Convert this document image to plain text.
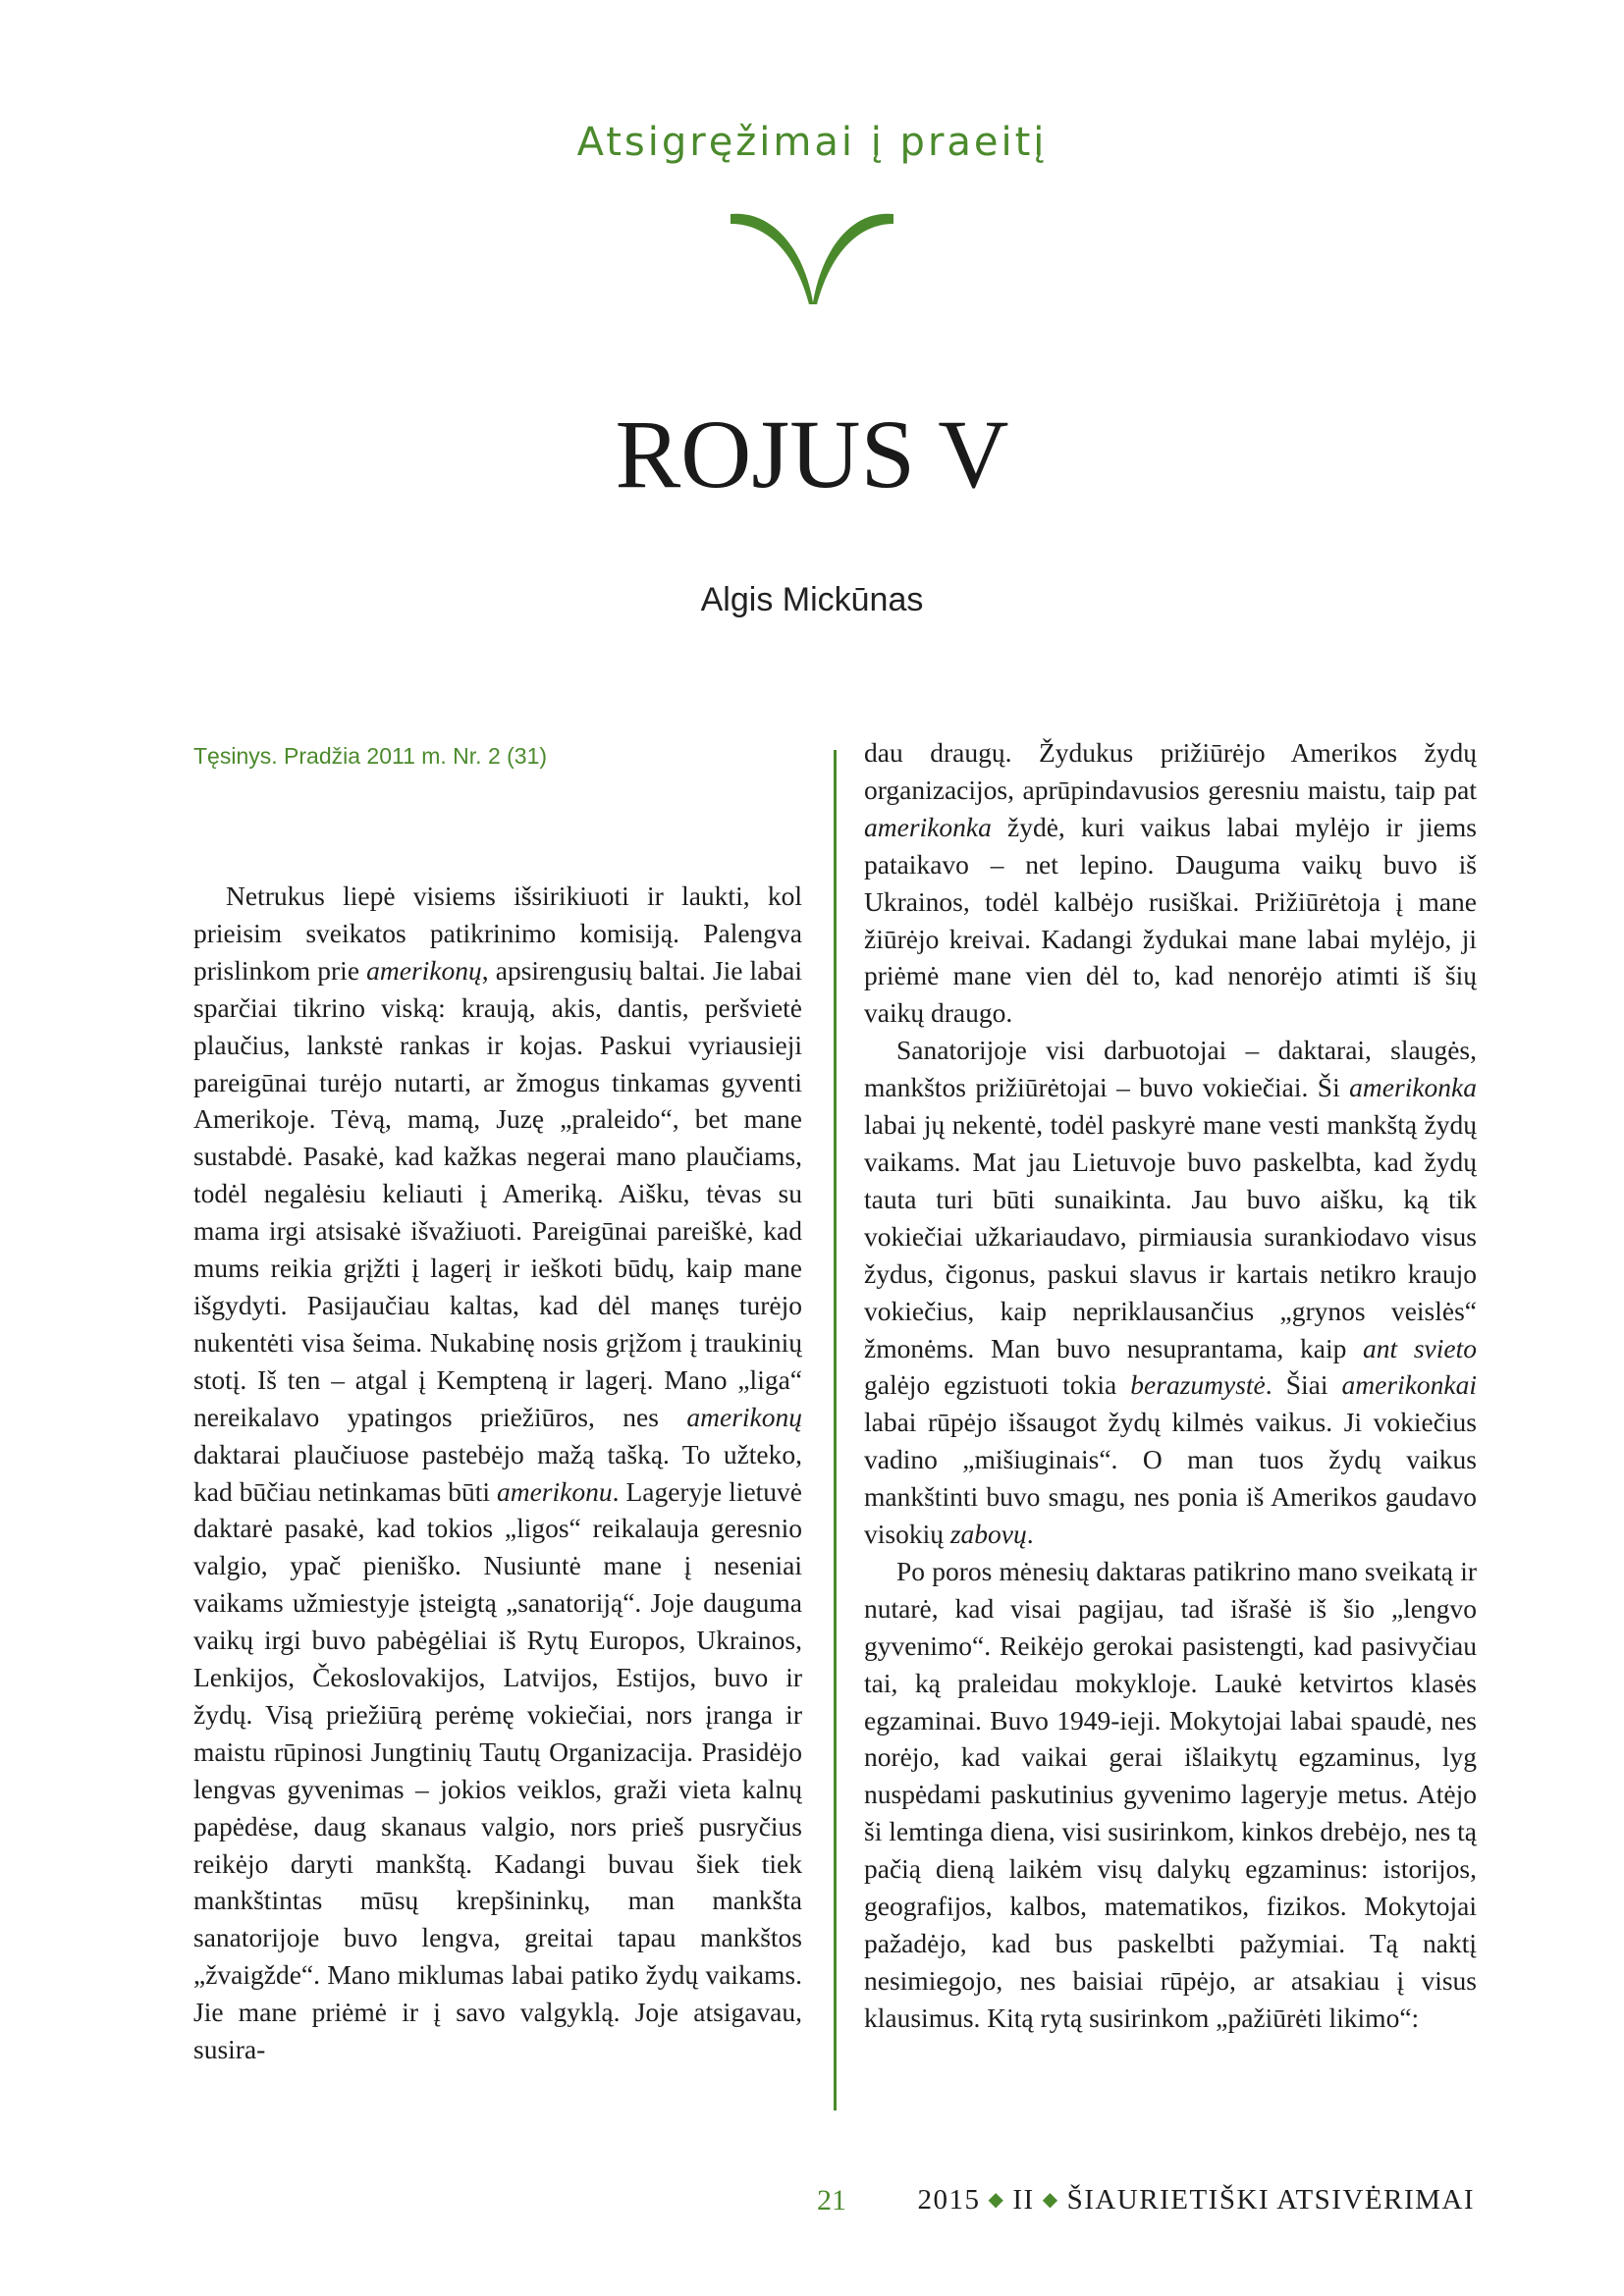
Atsigręžimai į praeitį
ROJUS V
Algis Mickūnas
Tęsinys. Pradžia 2011 m. Nr. 2 (31)

Netrukus liepė visiems išsirikiuoti ir laukti, kol prieisim sveikatos patikrinimo komisiją. Palengva prislinkom prie amerikonų, apsirengusių baltai. Jie labai sparčiai tikrino viską: kraują, akis, dantis, peršvietė plaučius, lankstė rankas ir kojas. Paskui vyriausieji pareigūnai turėjo nutarti, ar žmogus tinkamas gyventi Amerikoje. Tėvą, mamą, Juzę „praleido“, bet mane sustabdė. Pasakė, kad kažkas negerai mano plaučiams, todėl negalėsiu keliauti į Ameriką. Aišku, tėvas su mama irgi atsisakė išvažiuoti. Pareigūnai pareiškė, kad mums reikia grįžti į lagerį ir ieškoti būdų, kaip mane išgydyti. Pasijaučiau kaltas, kad dėl manęs turėjo nukentėti visa šeima. Nukabinę nosis grįžom į traukinių stotį. Iš ten – atgal į Kemptеną ir lagerį. Mano „liga“ nereikalavo ypatingos priežiūros, nes amerikonų daktarai plaučiuose pastebėjo mažą tašką. To užteko, kad būčiau netinkamas būti amerikonu. Lageryje lietuvė daktarė pasakė, kad tokios „ligos“ reikalauja geresnio valgio, ypač pieniško. Nusiuntė mane į neseniai vaikams užmiestyje įsteigtą „sanatoriją“. Joje dauguma vaikų irgi buvo pabėgėliai iš Rytų Europos, Ukrainos, Lenkijos, Čekoslovakijos, Latvijos, Estijos, buvo ir žydų. Visą priežiūrą perėmę vokiečiai, nors įranga ir maistu rūpinosi Jungtinių Tautų Organizacija. Prasidėjo lengvas gyvenimas – jokios veiklos, graži vieta kalnų papėdėse, daug skanaus valgio, nors prieš pusryčius reikėjo daryti mankštą. Kadangi buvau šiek tiek mankštintas mūsų krepšininkų, man mankšta sanatorijoje buvo lengva, greitai tapau mankštos „žvaigžde“. Mano miklumas labai patiko žydų vaikams. Jie mane priėmė ir į savo valgyklą. Joje atsigavau, susira-

dau draugų. Žydukus prižiūrėjo Amerikos žydų organizacijos, aprūpindavusios geresniu maistu, taip pat amerikonka žydė, kuri vaikus labai mylėjo ir jiems pataikavo – net lepino. Dauguma vaikų buvo iš Ukrainos, todėl kalbėjo rusiškai. Prižiūrėtoja į mane žiūrėjo kreivai. Kadangi žydukai mane labai mylėjo, ji priėmė mane vien dėl to, kad nenorėjo atimti iš šių vaikų draugo.

Sanatorijoje visi darbuotojai – daktarai, slaugės, mankštos prižiūrėtojai – buvo vokiečiai. Ši amerikonka labai jų nekentė, todėl paskyrė mane vesti mankštą žydų vaikams. Mat jau Lietuvoje buvo paskelbta, kad žydų tauta turi būti sunaikinta. Jau buvo aišku, ką tik vokiečiai užkariaudavo, pirmiausia surankiodavo visus žydus, čigonus, paskui slavus ir kartais netikro kraujo vokiečius, kaip nepriklausančius „grynos veislės“ žmonėms. Man buvo nesuprantama, kaip ant svieto galėjo egzistuoti tokia berazumystė. Šiai amerikonkai labai rūpėjo išsaugot žydų kilmės vaikus. Ji vokiečius vadino „mišiuginais“. O man tuos žydų vaikus mankštinti buvo smagu, nes ponia iš Amerikos gaudavo visokių zabovų.

Po poros mėnesių daktaras patikrino mano sveikatą ir nutarė, kad visai pagijau, tad išrašė iš šio „lengvo gyvenimo“. Reikėjo gerokai pasistengti, kad pasivyčiau tai, ką praleidau mokykloje. Laukė ketvirtos klasės egzaminai. Buvo 1949-ieji. Mokytojai labai spaudė, nes norėjo, kad vaikai gerai išlaikytų egzaminus, lyg nuspėdami paskutinius gyvenimo lageryje metus. Atėjo ši lemtinga diena, visi susirinkom, kinkos drebėjo, nes tą pačią dieną laikėm visų dalykų egzaminus: istorijos, geografijos, kalbos, matematikos, fizikos. Mokytojai pažadėjo, kad bus paskelbti pažymiai. Tą naktį nesimiegojo, nes baisiai rūpėjo, ar atsakiau į visus klausimus. Kitą rytą susirinkom „pažiūrėti likimo“:

21 2015 ◆ II ◆ ŠIAURIETIŠKI ATSIVĖRIMAI
